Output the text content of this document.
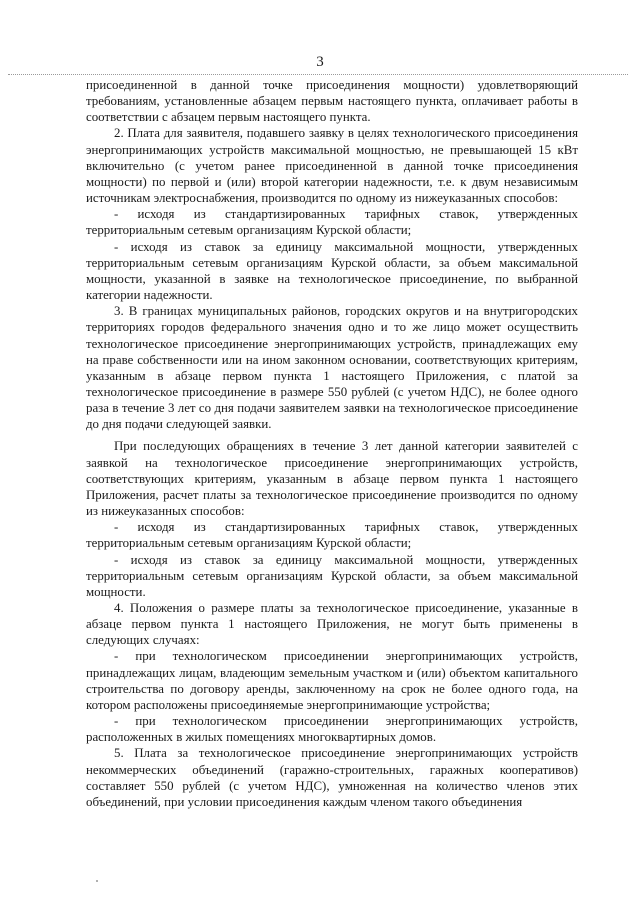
3

присоединенной в данной точке присоединения мощности) удовлетворяющий требованиям, установленные абзацем первым настоящего пункта, оплачивает работы в соответствии с абзацем первым настоящего пункта.

2. Плата для заявителя, подавшего заявку в целях технологического присоединения энергопринимающих устройств максимальной мощностью, не превышающей 15 кВт включительно (с учетом ранее присоединенной в данной точке присоединения мощности) по первой и (или) второй категории надежности, т.е. к двум независимым источникам электроснабжения, производится по одному из нижеуказанных способов:

- исходя из стандартизированных тарифных ставок, утвержденных территориальным сетевым организациям Курской области;

- исходя из ставок за единицу максимальной мощности, утвержденных территориальным сетевым организациям Курской области, за объем максимальной мощности, указанной в заявке на технологическое присоединение, по выбранной категории надежности.

3. В границах муниципальных районов, городских округов и на внутригородских территориях городов федерального значения одно и то же лицо может осуществить технологическое присоединение энергопринимающих устройств, принадлежащих ему на праве собственности или на ином законном основании, соответствующих критериям, указанным в абзаце первом пункта 1 настоящего Приложения, с платой за технологическое присоединение в размере 550 рублей (с учетом НДС), не более одного раза в течение 3 лет со дня подачи заявителем заявки на технологическое присоединение до дня подачи следующей заявки.

При последующих обращениях в течение 3 лет данной категории заявителей с заявкой на технологическое присоединение энергопринимающих устройств, соответствующих критериям, указанным в абзаце первом пункта 1 настоящего Приложения, расчет платы за технологическое присоединение производится по одному из нижеуказанных способов:

- исходя из стандартизированных тарифных ставок, утвержденных территориальным сетевым организациям Курской области;

- исходя из ставок за единицу максимальной мощности, утвержденных территориальным сетевым организациям Курской области, за объем максимальной мощности.

4. Положения о размере платы за технологическое присоединение, указанные в абзаце первом пункта 1 настоящего Приложения, не могут быть применены в следующих случаях:

- при технологическом присоединении энергопринимающих устройств, принадлежащих лицам, владеющим земельным участком и (или) объектом капитального строительства по договору аренды, заключенному на срок не более одного года, на котором расположены присоединяемые энергопринимающие устройства;

- при технологическом присоединении энергопринимающих устройств, расположенных в жилых помещениях многоквартирных домов.

5. Плата за технологическое присоединение энергопринимающих устройств некоммерческих объединений (гаражно-строительных, гаражных кооперативов) составляет 550 рублей (с учетом НДС), умноженная на количество членов этих объединений, при условии присоединения каждым членом такого объединения
